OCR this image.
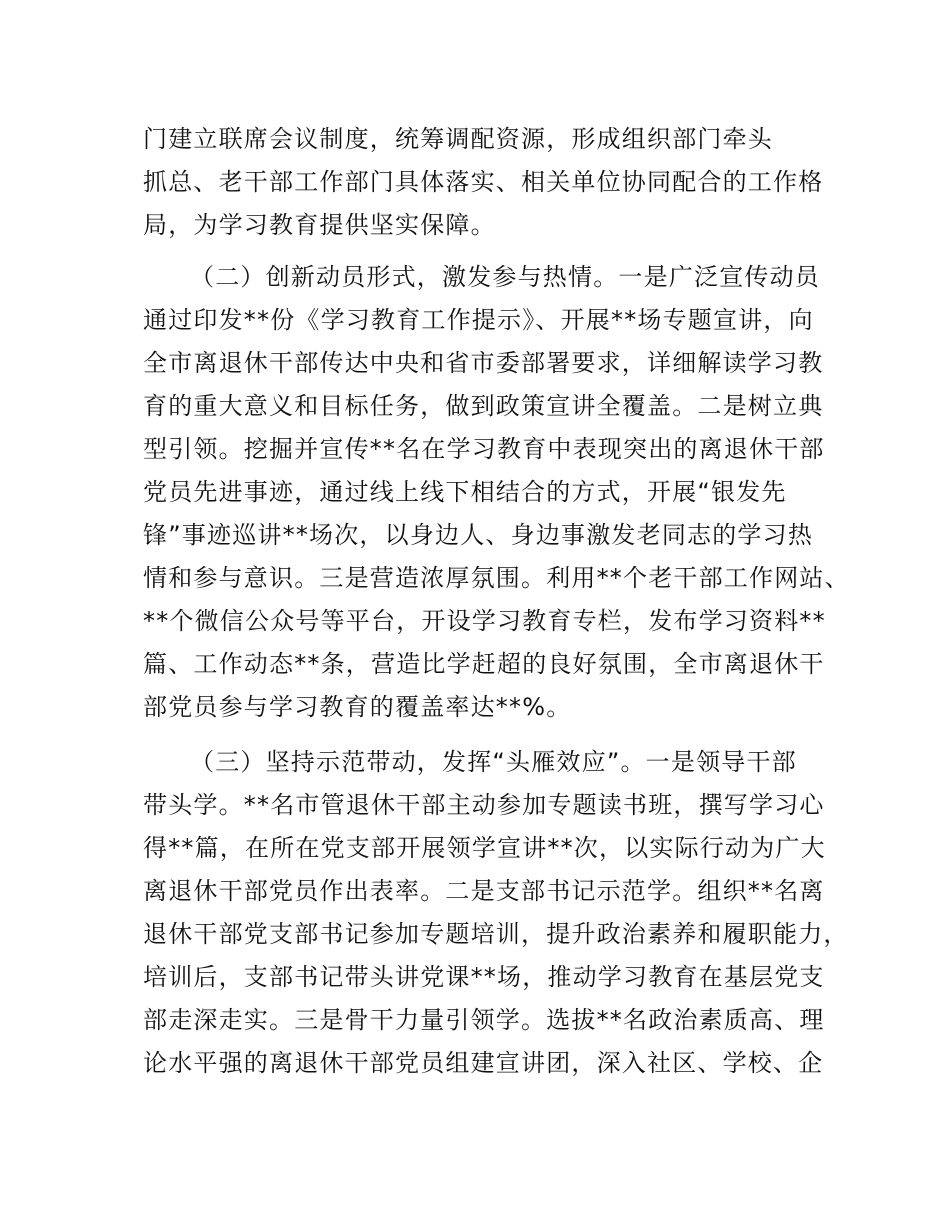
门建立联席会议制度，统筹调配资源，形成组织部门牵头
抓总、老干部工作部门具体落实、相关单位协同配合的工作格
局，为学习教育提供坚实保障。
（二）创新动员形式，激发参与热情。一是广泛宣传动员
通过印发**份《学习教育工作提示》、开展**场专题宣讲，向
全市离退休干部传达中央和省市委部署要求，详细解读学习教
育的重大意义和目标任务，做到政策宣讲全覆盖。二是树立典
型引领。挖掘并宣传**名在学习教育中表现突出的离退休干部
党员先进事迹，通过线上线下相结合的方式，开展“银发先
锋”事迹巡讲**场次，以身边人、身边事激发老同志的学习热
情和参与意识。三是营造浓厚氛围。利用**个老干部工作网站、
**个微信公众号等平台，开设学习教育专栏，发布学习资料**
篇、工作动态**条，营造比学赶超的良好氛围，全市离退休干
部党员参与学习教育的覆盖率达**%。
（三）坚持示范带动，发挥“头雁效应”。一是领导干部
带头学。**名市管退休干部主动参加专题读书班，撰写学习心
得**篇，在所在党支部开展领学宣讲**次，以实际行动为广大
离退休干部党员作出表率。二是支部书记示范学。组织**名离
退休干部党支部书记参加专题培训，提升政治素养和履职能力，
培训后，支部书记带头讲党课**场，推动学习教育在基层党支
部走深走实。三是骨干力量引领学。选拔**名政治素质高、理
论水平强的离退休干部党员组建宣讲团，深入社区、学校、企
